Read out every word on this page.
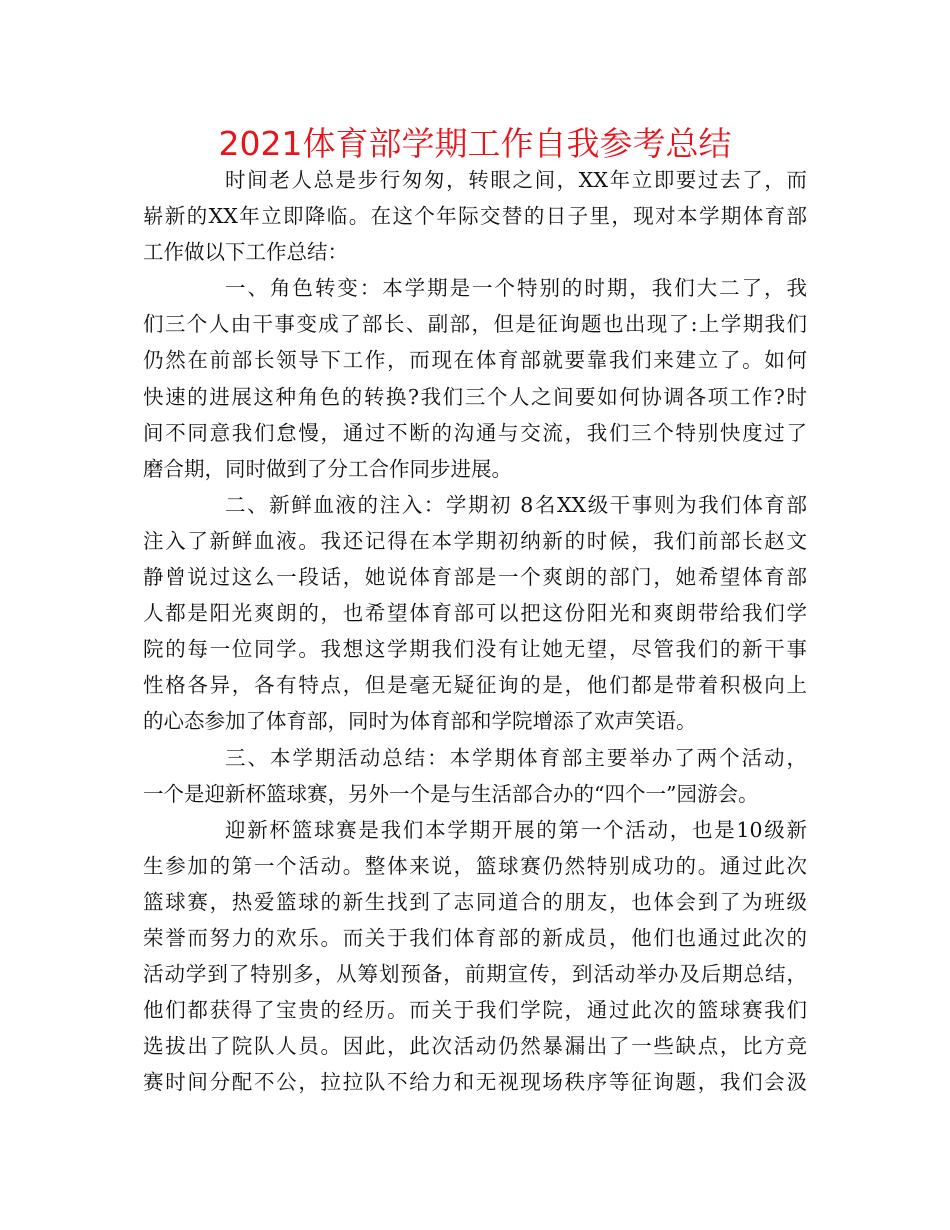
2021体育部学期工作自我参考总结
时间老人总是步行匆匆，转眼之间，XX年立即要过去了，而
崭新的XX年立即降临。在这个年际交替的日子里，现对本学期体育部
工作做以下工作总结：
一、角色转变：本学期是一个特别的时期，我们大二了，我
们三个人由干事变成了部长、副部，但是征询题也出现了:上学期我们
仍然在前部长领导下工作，而现在体育部就要靠我们来建立了。如何
快速的进展这种角色的转换?我们三个人之间要如何协调各项工作?时
间不同意我们怠慢，通过不断的沟通与交流，我们三个特别快度过了
磨合期，同时做到了分工合作同步进展。
二、新鲜血液的注入：学期初 8名XX级干事则为我们体育部
注入了新鲜血液。我还记得在本学期初纳新的时候，我们前部长赵文
静曾说过这么一段话，她说体育部是一个爽朗的部门，她希望体育部
人都是阳光爽朗的，也希望体育部可以把这份阳光和爽朗带给我们学
院的每一位同学。我想这学期我们没有让她无望，尽管我们的新干事
性格各异，各有特点，但是毫无疑征询的是，他们都是带着积极向上
的心态参加了体育部，同时为体育部和学院增添了欢声笑语。
三、本学期活动总结：本学期体育部主要举办了两个活动，
一个是迎新杯篮球赛，另外一个是与生活部合办的“四个一”园游会。
迎新杯篮球赛是我们本学期开展的第一个活动，也是10级新
生参加的第一个活动。整体来说，篮球赛仍然特别成功的。通过此次
篮球赛，热爱篮球的新生找到了志同道合的朋友，也体会到了为班级
荣誉而努力的欢乐。而关于我们体育部的新成员，他们也通过此次的
活动学到了特别多，从筹划预备，前期宣传，到活动举办及后期总结，
他们都获得了宝贵的经历。而关于我们学院，通过此次的篮球赛我们
选拔出了院队人员。因此，此次活动仍然暴漏出了一些缺点，比方竞
赛时间分配不公，拉拉队不给力和无视现场秩序等征询题，我们会汲
